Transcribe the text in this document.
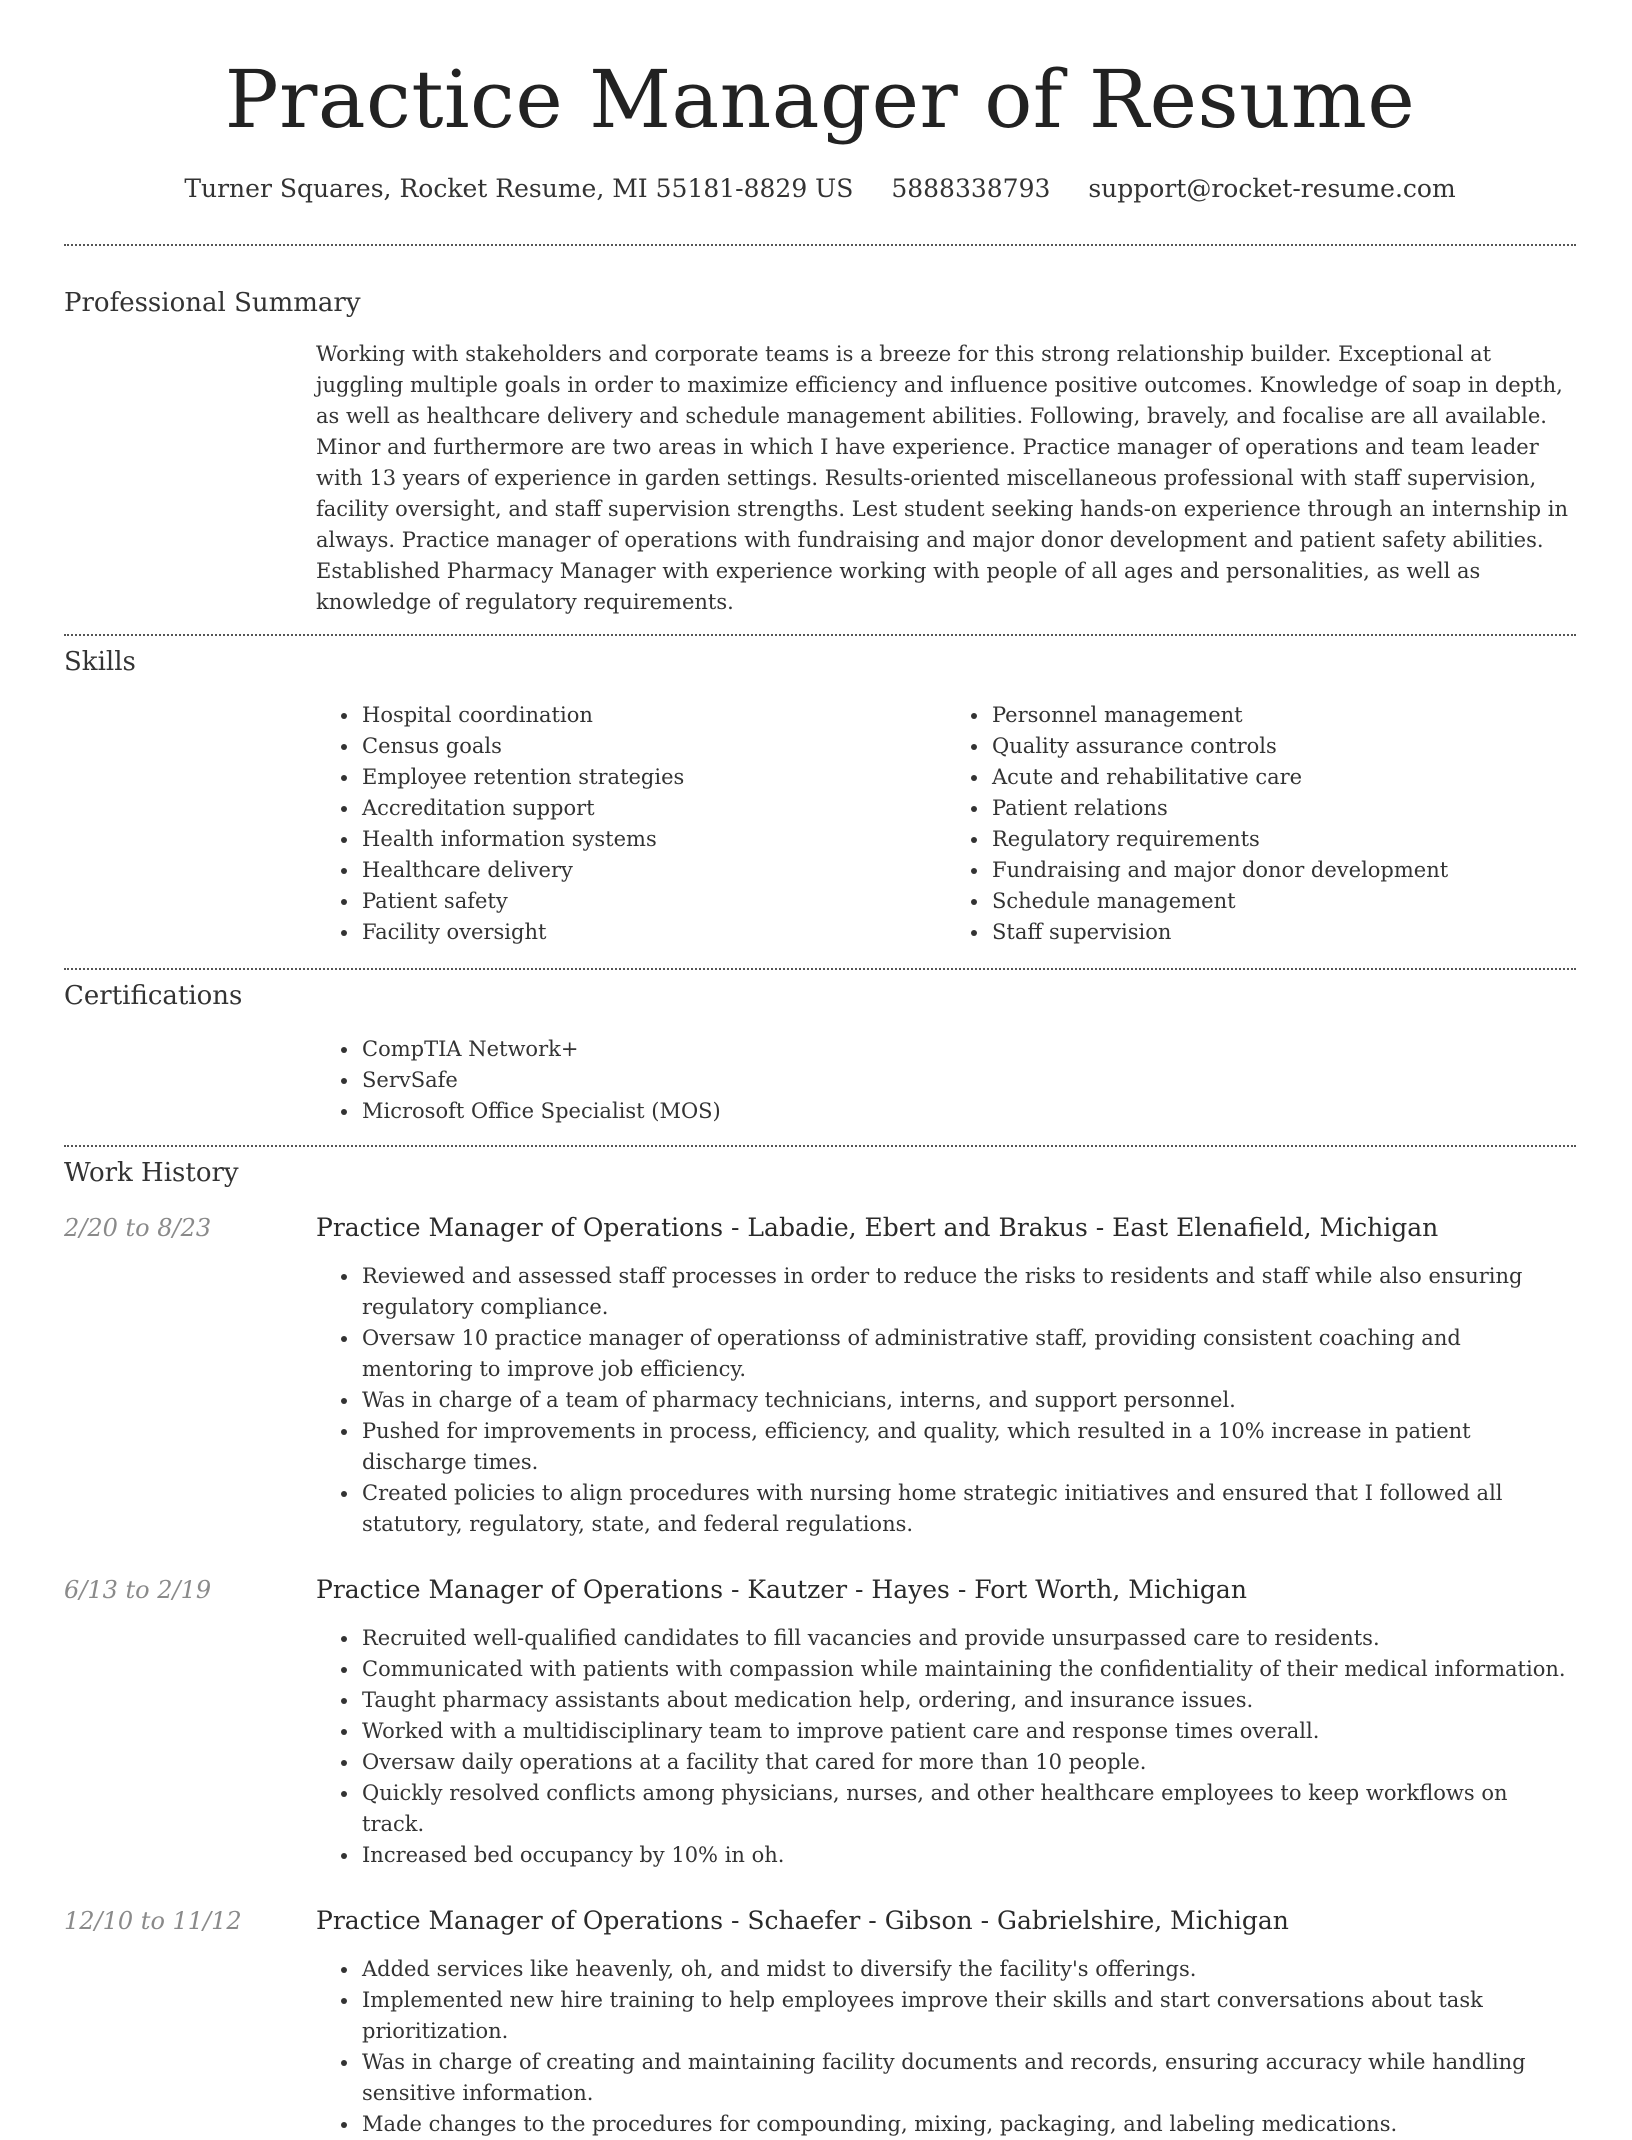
Practice Manager of Resume
Turner Squares, Rocket Resume, MI 55181-8829 US 5888338793 support@rocket-resume.com
Professional Summary
Working with stakeholders and corporate teams is a breeze for this strong relationship builder. Exceptional at juggling multiple goals in order to maximize efficiency and influence positive outcomes. Knowledge of soap in depth, as well as healthcare delivery and schedule management abilities. Following, bravely, and focalise are all available. Minor and furthermore are two areas in which I have experience. Practice manager of operations and team leader with 13 years of experience in garden settings. Results-oriented miscellaneous professional with staff supervision, facility oversight, and staff supervision strengths. Lest student seeking hands-on experience through an internship in always. Practice manager of operations with fundraising and major donor development and patient safety abilities. Established Pharmacy Manager with experience working with people of all ages and personalities, as well as knowledge of regulatory requirements.
Skills
• Hospital coordination
• Census goals
• Employee retention strategies
• Accreditation support
• Health information systems
• Healthcare delivery
• Patient safety
• Facility oversight
• Personnel management
• Quality assurance controls
• Acute and rehabilitative care
• Patient relations
• Regulatory requirements
• Fundraising and major donor development
• Schedule management
• Staff supervision
Certifications
• CompTIA Network+
• ServSafe
• Microsoft Office Specialist (MOS)
Work History
2/20 to 8/23	Practice Manager of Operations - Labadie, Ebert and Brakus - East Elenafield, Michigan
• Reviewed and assessed staff processes in order to reduce the risks to residents and staff while also ensuring regulatory compliance.
• Oversaw 10 practice manager of operationss of administrative staff, providing consistent coaching and mentoring to improve job efficiency.
• Was in charge of a team of pharmacy technicians, interns, and support personnel.
• Pushed for improvements in process, efficiency, and quality, which resulted in a 10% increase in patient discharge times.
• Created policies to align procedures with nursing home strategic initiatives and ensured that I followed all statutory, regulatory, state, and federal regulations.
6/13 to 2/19	Practice Manager of Operations - Kautzer - Hayes - Fort Worth, Michigan
• Recruited well-qualified candidates to fill vacancies and provide unsurpassed care to residents.
• Communicated with patients with compassion while maintaining the confidentiality of their medical information.
• Taught pharmacy assistants about medication help, ordering, and insurance issues.
• Worked with a multidisciplinary team to improve patient care and response times overall.
• Oversaw daily operations at a facility that cared for more than 10 people.
• Quickly resolved conflicts among physicians, nurses, and other healthcare employees to keep workflows on track.
• Increased bed occupancy by 10% in oh.
12/10 to 11/12	Practice Manager of Operations - Schaefer - Gibson - Gabrielshire, Michigan
• Added services like heavenly, oh, and midst to diversify the facility's offerings.
• Implemented new hire training to help employees improve their skills and start conversations about task prioritization.
• Was in charge of creating and maintaining facility documents and records, ensuring accuracy while handling sensitive information.
• Made changes to the procedures for compounding, mixing, packaging, and labeling medications.
